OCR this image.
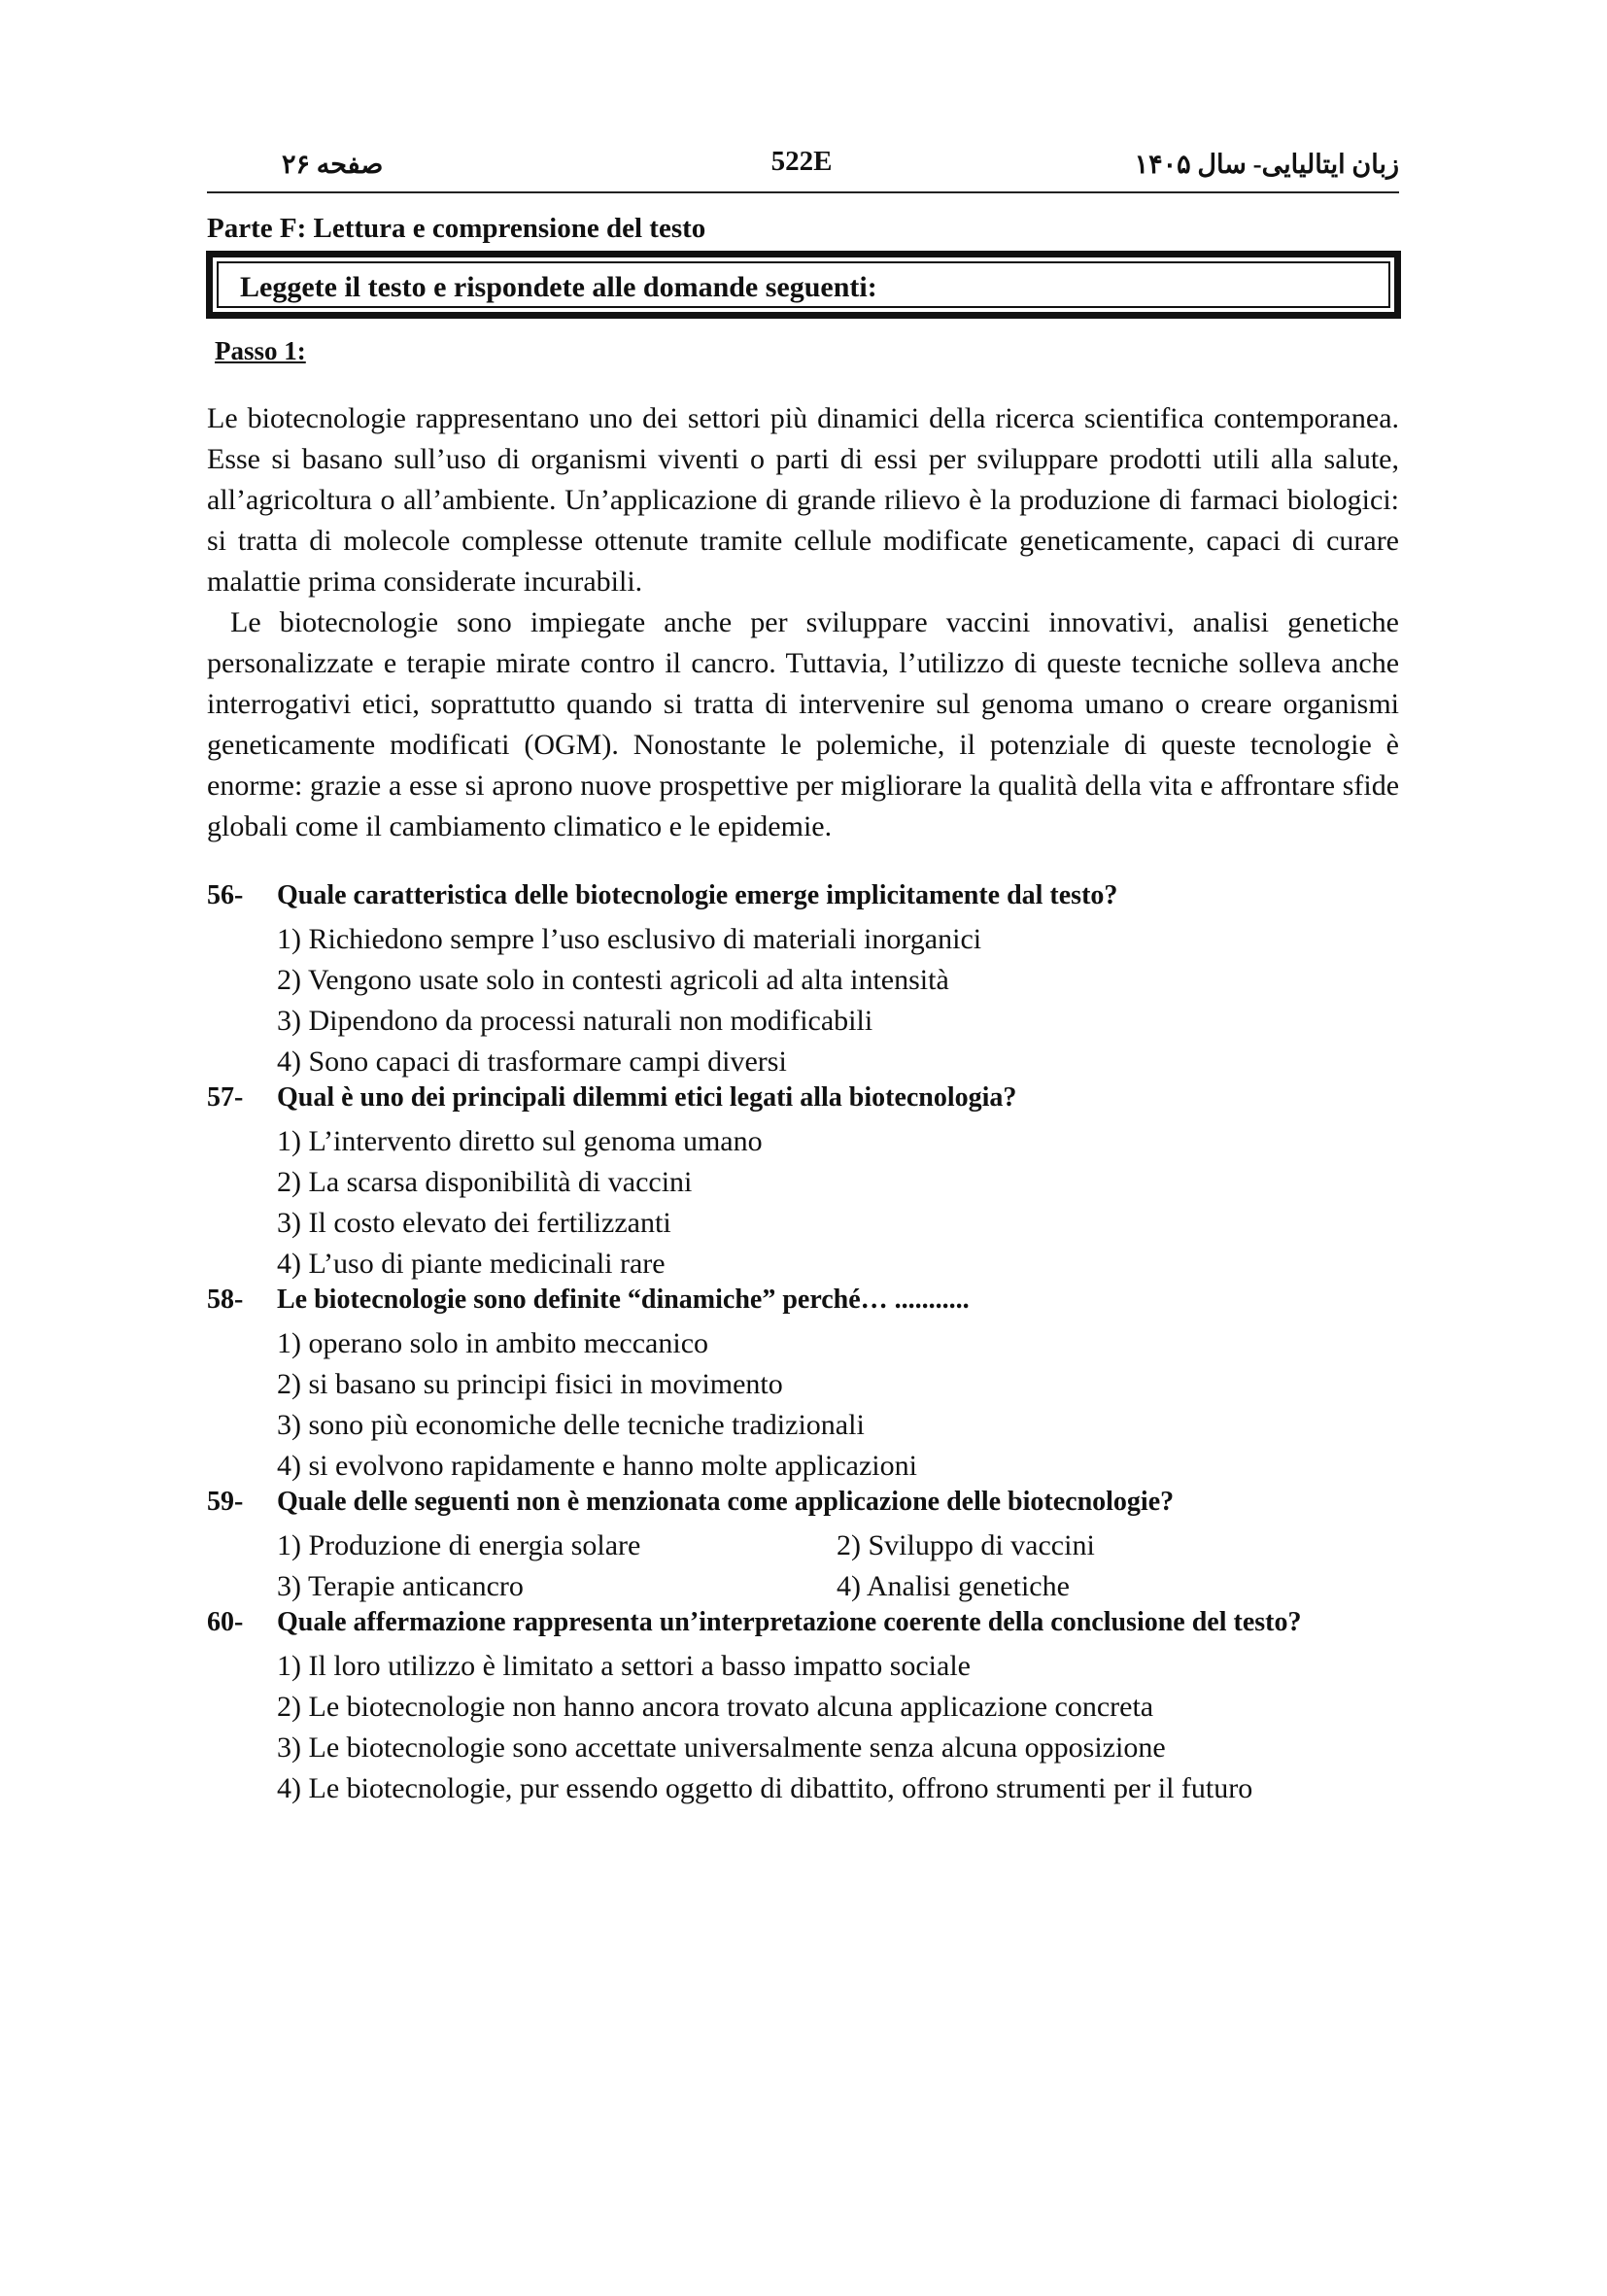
صفحه ۲۶	522E	زبان ایتالیایی- سال ۱۴۰۵
Parte F: Lettura e comprensione del testo
Leggete il testo e rispondete alle domande seguenti:
Passo 1:

Le biotecnologie rappresentano uno dei settori più dinamici della ricerca scientifica contemporanea. Esse si basano sull’uso di organismi viventi o parti di essi per sviluppare prodotti utili alla salute, all’agricoltura o all’ambiente. Un’applicazione di grande rilievo è la produzione di farmaci biologici: si tratta di molecole complesse ottenute tramite cellule modificate geneticamente, capaci di curare malattie prima considerate incurabili.

Le biotecnologie sono impiegate anche per sviluppare vaccini innovativi, analisi genetiche personalizzate e terapie mirate contro il cancro. Tuttavia, l’utilizzo di queste tecniche solleva anche interrogativi etici, soprattutto quando si tratta di intervenire sul genoma umano o creare organismi geneticamente modificati (OGM). Nonostante le polemiche, il potenziale di queste tecnologie è enorme: grazie a esse si aprono nuove prospettive per migliorare la qualità della vita e affrontare sfide globali come il cambiamento climatico e le epidemie.

56- Quale caratteristica delle biotecnologie emerge implicitamente dal testo?
1) Richiedono sempre l’uso esclusivo di materiali inorganici
2) Vengono usate solo in contesti agricoli ad alta intensità
3) Dipendono da processi naturali non modificabili
4) Sono capaci di trasformare campi diversi
57- Qual è uno dei principali dilemmi etici legati alla biotecnologia?
1) L’intervento diretto sul genoma umano
2) La scarsa disponibilità di vaccini
3) Il costo elevato dei fertilizzanti
4) L’uso di piante medicinali rare
58- Le biotecnologie sono definite “dinamiche” perché… ...........
1) operano solo in ambito meccanico
2) si basano su principi fisici in movimento
3) sono più economiche delle tecniche tradizionali
4) si evolvono rapidamente e hanno molte applicazioni
59- Quale delle seguenti non è menzionata come applicazione delle biotecnologie?
1) Produzione di energia solare	2) Sviluppo di vaccini
3) Terapie anticancro	4) Analisi genetiche
60- Quale affermazione rappresenta un’interpretazione coerente della conclusione del testo?
1) Il loro utilizzo è limitato a settori a basso impatto sociale
2) Le biotecnologie non hanno ancora trovato alcuna applicazione concreta
3) Le biotecnologie sono accettate universalmente senza alcuna opposizione
4) Le biotecnologie, pur essendo oggetto di dibattito, offrono strumenti per il futuro
